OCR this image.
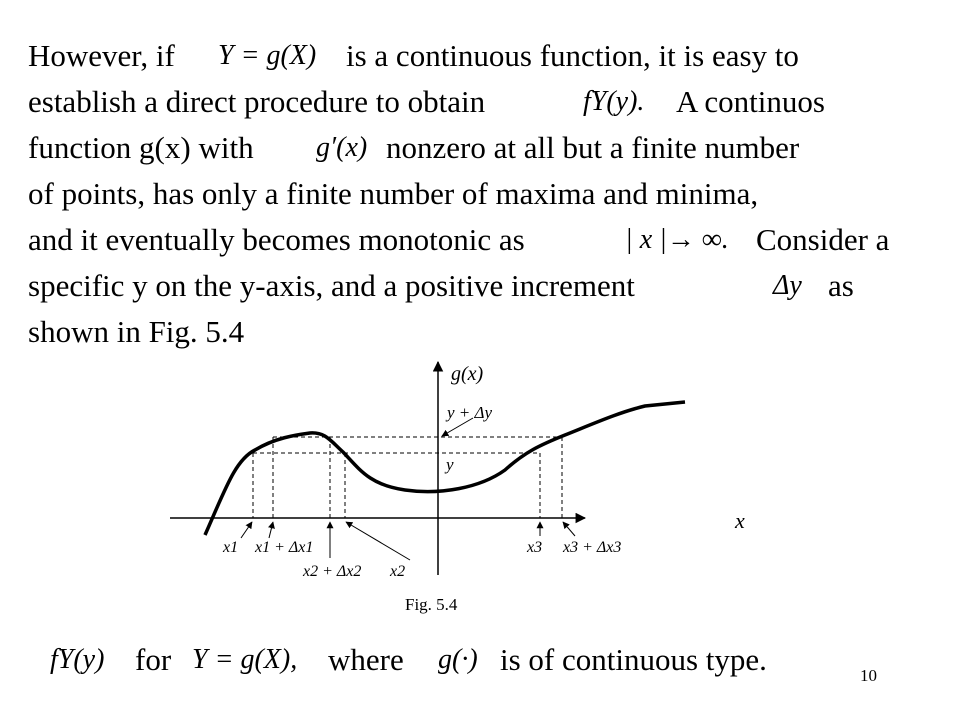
However, if Y = g(X) is a continuous function, it is easy to
establish a direct procedure to obtain	fY(y). A continuos
function g(x) with g′(x) nonzero at all but a finite number
of points, has only a finite number of maxima and minima,
and it eventually becomes monotonic as	| x |→ ∞. Consider a
specific y on the y-axis, and a positive increment	Δy as
shown in Fig. 5.4
g(x)
x
y + Δy
y
x1 x1 + Δx1
x2 + Δx2 x2
x3 x3 + Δx3
Fig. 5.4
fY(y) for Y = g(X), where g(·) is of continuous type.	10
